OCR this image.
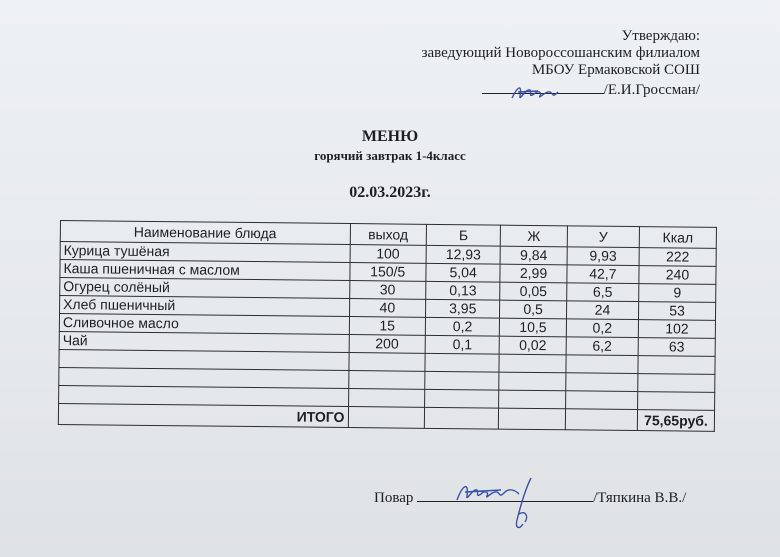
Утверждаю:
заведующий Новороссошанским филиалом
МБОУ Ермаковской СОШ
/Е.И.Гроссман/
МЕНЮ
горячий завтрак 1-4класс
02.03.2023г.
Наименование блюда	выход	Б	Ж	У	Ккал
Курица тушёная	100	12,93	9,84	9,93	222
Каша пшеничная с маслом	150/5	5,04	2,99	42,7	240
Огурец солёный	30	0,13	0,05	6,5	9
Хлеб пшеничный	40	3,95	0,5	24	53
Сливочное масло	15	0,2	10,5	0,2	102
Чай	200	0,1	0,02	6,2	63

ИТОГО					75,65руб.
Повар	/Тяпкина В.В./
